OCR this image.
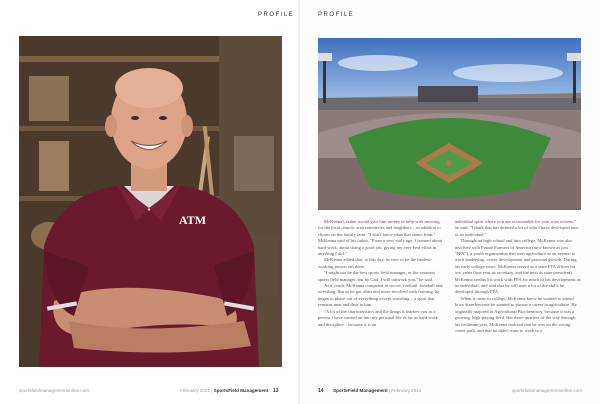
PROFILE
ATM
sportsfieldmanagementonline.com	February 2021 | SportsField Management 13
PROFILE

McKenna's father would give him money to help with mowing for the local church, area cemeteries and neighbors – in addition to chores on the family farm. "I don't know what that stems from," McKenna said of his father. "From a very early age, I learned about hard work, about doing a good job, giving my very best effort in anything I did."

McKenna added that, to this day, he tries to be the hardest-working person out there.

"I might not be the best sports field manager, or the smartest sports field manager, but by God, I will outwork you," he said.

As a youth, McKenna competed in soccer, football, baseball and wrestling. But as he got older and more involved with farming, he began to phase out of everything except wrestling – a sport that remains near and dear to him.

"A lot of the characteristics and the things it teaches you as a person I have carried on into my personal life as far as hard work and discipline – because it is an

individual sport where you are accountable for your own actions," he said. "I think that has defined a lot of who I have developed into as an individual."

Throughout high school and into college, McKenna was also involved with Future Farmers of America (now known as just "FFA"), a youth organization that uses agriculture as an avenue to teach leadership, career development and personal growth. During his early college years, McKenna served as a state FFA officer for two years (one year as secretary, and the next as state president). McKenna credits his work with FFA for much of his development as an individual, and said that he still uses a lot of the skills he developed through FFA.

When it came to college, McKenna knew he wanted to attend Iowa State because he wanted to pursue a career in agriculture. He originally majored in Agricultural Biochemistry, because it was a growing, high-paying field. But three-quarters of the way through his freshman year, McKenna realized that he was on the wrong career path, and that he didn't want to work in a

14 SportsField Management | February 2021	sportsfieldmanagementonline.com
